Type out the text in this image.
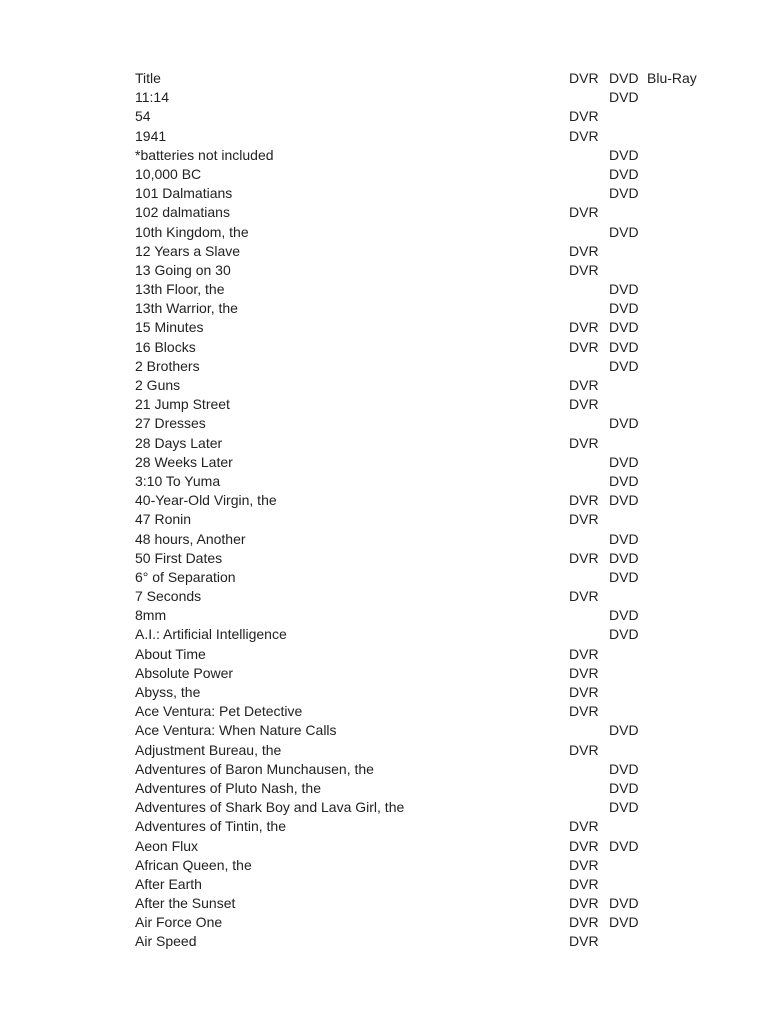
Title	DVR DVD Blu-Ray
11:14	DVD
54	DVR
1941	DVR
*batteries not included	DVD
10,000 BC	DVD
101 Dalmatians	DVD
102 dalmatians	DVR
10th Kingdom, the	DVD
12 Years a Slave	DVR
13 Going on 30	DVR
13th Floor, the	DVD
13th Warrior, the	DVD
15 Minutes	DVR DVD
16 Blocks	DVR DVD
2 Brothers	DVD
2 Guns	DVR
21 Jump Street	DVR
27 Dresses	DVD
28 Days Later	DVR
28 Weeks Later	DVD
3:10 To Yuma	DVD
40-Year-Old Virgin, the	DVR DVD
47 Ronin	DVR
48 hours, Another	DVD
50 First Dates	DVR DVD
6° of Separation	DVD
7 Seconds	DVR
8mm	DVD
A.I.: Artificial Intelligence	DVD
About Time	DVR
Absolute Power	DVR
Abyss, the	DVR
Ace Ventura: Pet Detective	DVR
Ace Ventura: When Nature Calls	DVD
Adjustment Bureau, the	DVR
Adventures of Baron Munchausen, the	DVD
Adventures of Pluto Nash, the	DVD
Adventures of Shark Boy and Lava Girl, the	DVD
Adventures of Tintin, the	DVR
Aeon Flux	DVR DVD
African Queen, the	DVR
After Earth	DVR
After the Sunset	DVR DVD
Air Force One	DVR DVD
Air Speed	DVR
